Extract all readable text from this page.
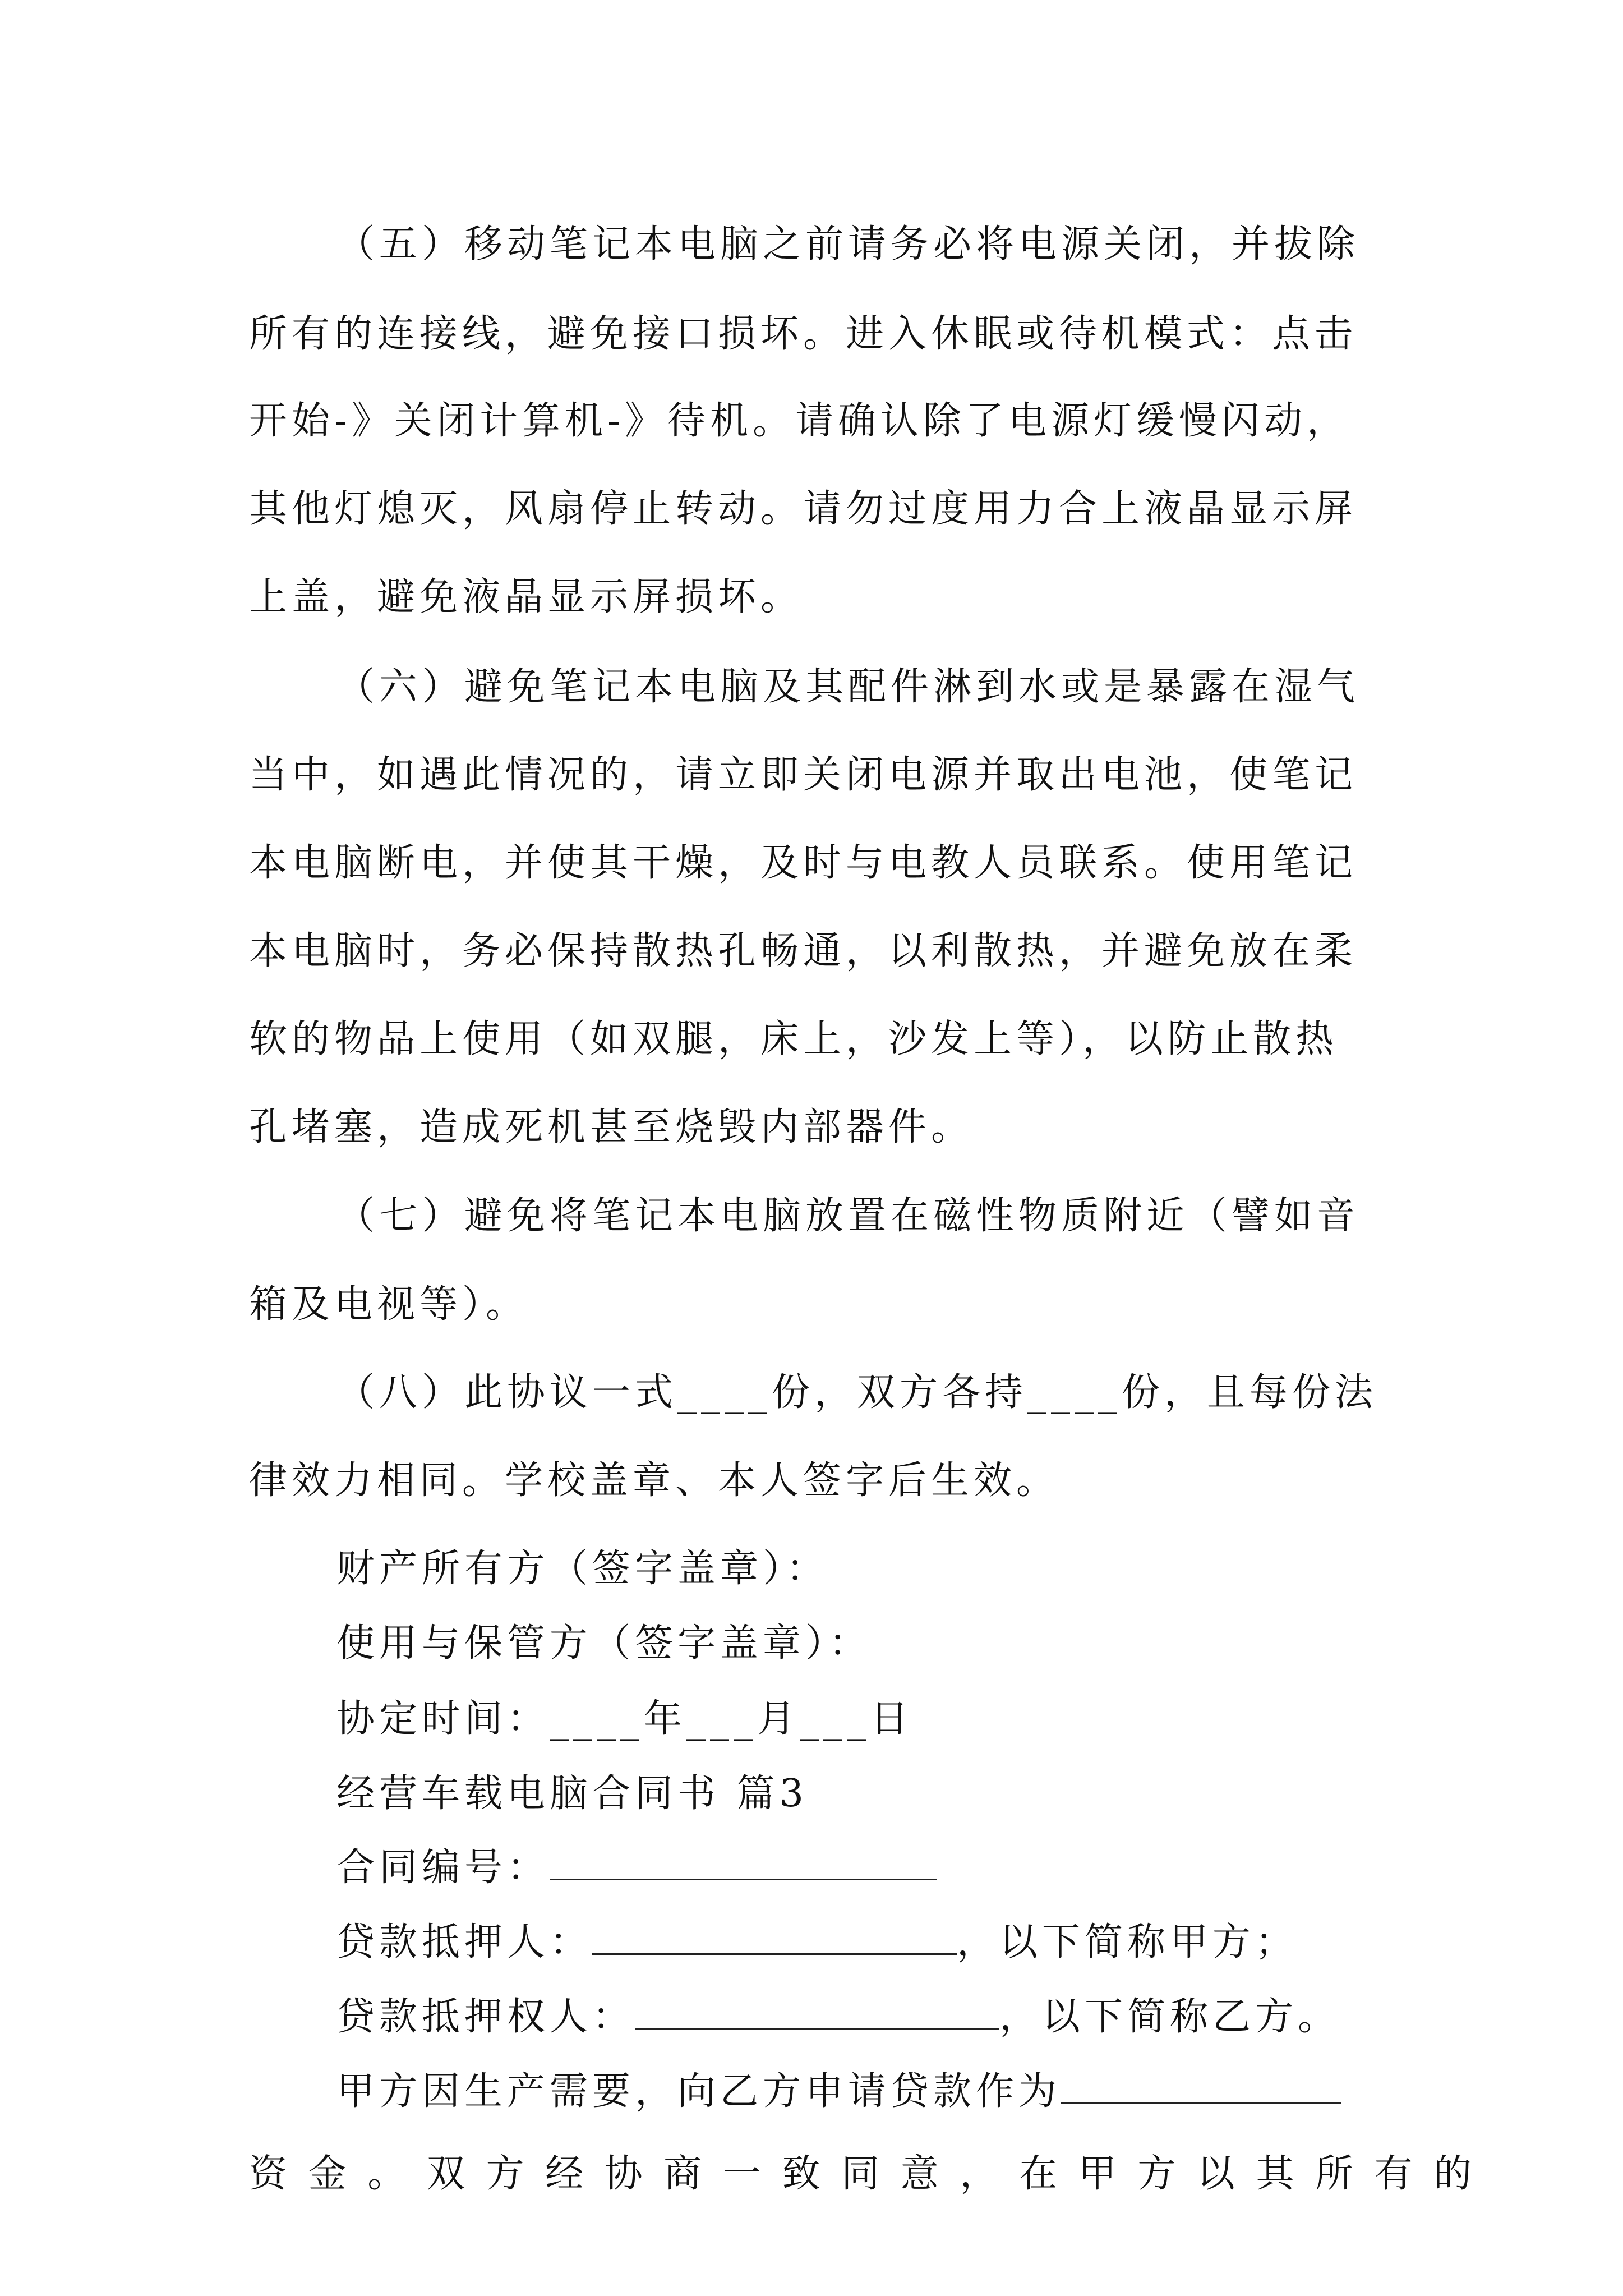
（五）移动笔记本电脑之前请务必将电源关闭，并拔除
所有的连接线，避免接口损坏。进入休眠或待机模式：点击
开始-》关闭计算机-》待机。请确认除了电源灯缓慢闪动，
其他灯熄灭，风扇停止转动。请勿过度用力合上液晶显示屏
上盖，避免液晶显示屏损坏。
（六）避免笔记本电脑及其配件淋到水或是暴露在湿气
当中，如遇此情况的，请立即关闭电源并取出电池，使笔记
本电脑断电，并使其干燥，及时与电教人员联系。使用笔记
本电脑时，务必保持散热孔畅通，以利散热，并避免放在柔
软的物品上使用（如双腿，床上，沙发上等），以防止散热
孔堵塞，造成死机甚至烧毁内部器件。
（七）避免将笔记本电脑放置在磁性物质附近（譬如音
箱及电视等）。
（八）此协议一式____份，双方各持____份，且每份法
律效力相同。学校盖章、本人签字后生效。
财产所有方（签字盖章）：
使用与保管方（签字盖章）：
协定时间：____年___月___日
经营车载电脑合同书 篇3
合同编号：
贷款抵押人：	，以下简称甲方；
贷款抵押权人：	，以下简称乙方。
甲方因生产需要，向乙方申请贷款作为
资 金 。 双 方 经 协 商 一 致 同 意 ， 在 甲 方 以 其 所 有 的
